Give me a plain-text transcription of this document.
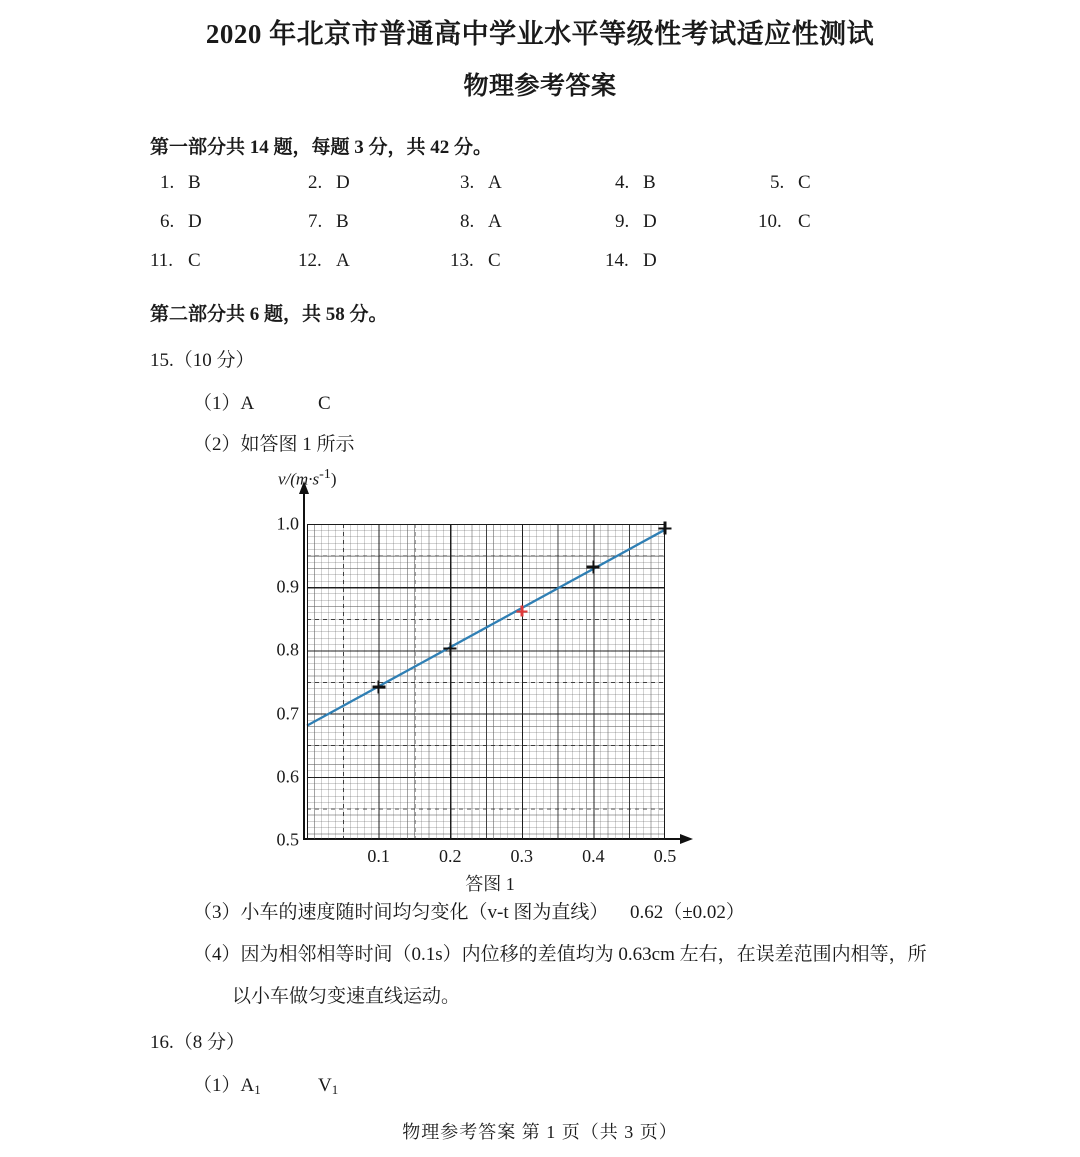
2020 年北京市普通高中学业水平等级性考试适应性测试
物理参考答案
第一部分共 14 题，每题 3 分，共 42 分。
1. B	2. D	3. A	4. B	5. C
6. D	7. B	8. A	9. D	10. C
11. C	12. A	13. C	14. D
第二部分共 6 题，共 58 分。
15.（10 分）
（1）A	C
（2）如答图 1 所示
$v/(m\cdot s^{-1})$
1.0
0.9
0.8
0.7
0.6
0.5
0.1	0.2	0.3	0.4	0.5
答图 1
（3）小车的速度随时间均匀变化（v-t 图为直线） 0.62（±0.02）
（4）因为相邻相等时间（0.1s）内位移的差值均为 0.63cm 左右，在误差范围内相等，所
以小车做匀变速直线运动。
16.（8 分）
$(1)A_1$	$V_1$
物理参考答案 第 1 页（共 3 页）
